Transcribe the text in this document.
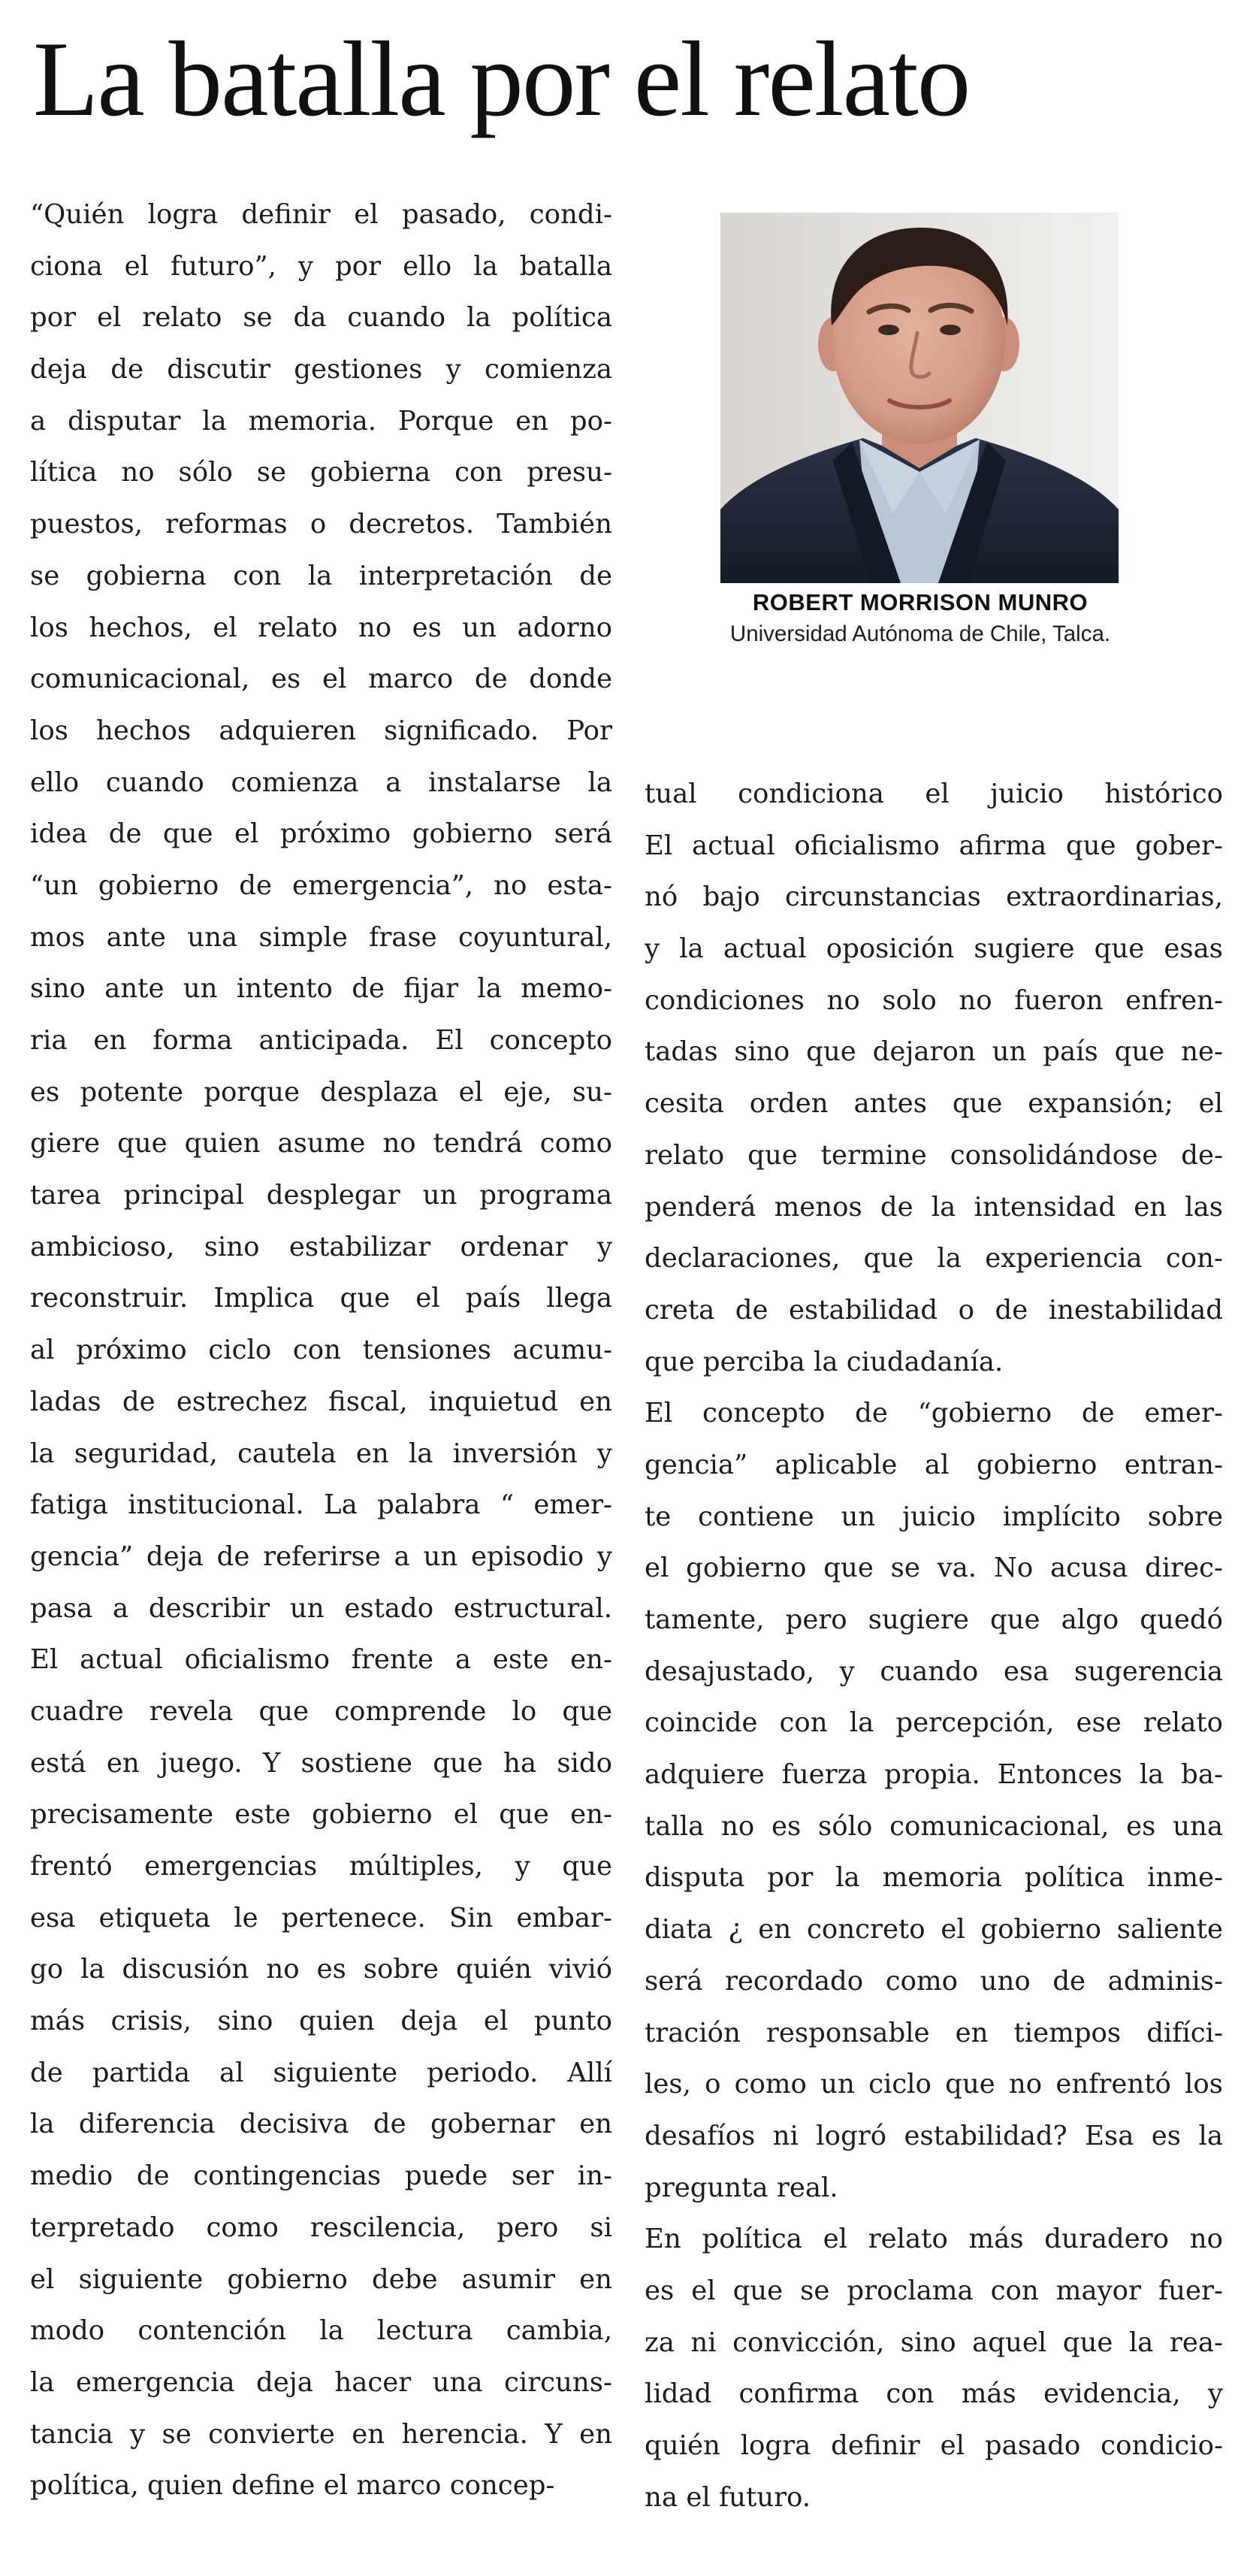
La batalla por el relato
“Quién logra definir el pasado, condi-
ciona el futuro”, y por ello la batalla
por el relato se da cuando la política
deja de discutir gestiones y comienza
a disputar la memoria. Porque en po-
lítica no sólo se gobierna con presu-
puestos, reformas o decretos. También
se gobierna con la interpretación de
los hechos, el relato no es un adorno
comunicacional, es el marco de donde
los hechos adquieren significado. Por
ello cuando comienza a instalarse la
idea de que el próximo gobierno será
“un gobierno de emergencia”, no esta-
mos ante una simple frase coyuntural,
sino ante un intento de fijar la memo-
ria en forma anticipada. El concepto
es potente porque desplaza el eje, su-
giere que quien asume no tendrá como
tarea principal desplegar un programa
ambicioso, sino estabilizar ordenar y
reconstruir. Implica que el país llega
al próximo ciclo con tensiones acumu-
ladas de estrechez fiscal, inquietud en
la seguridad, cautela en la inversión y
fatiga institucional. La palabra “ emer-
gencia” deja de referirse a un episodio y
pasa a describir un estado estructural.
El actual oficialismo frente a este en-
cuadre revela que comprende lo que
está en juego. Y sostiene que ha sido
precisamente este gobierno el que en-
frentó emergencias múltiples, y que
esa etiqueta le pertenece. Sin embar-
go la discusión no es sobre quién vivió
más crisis, sino quien deja el punto
de partida al siguiente periodo. Allí
la diferencia decisiva de gobernar en
medio de contingencias puede ser in-
terpretado como rescilencia, pero si
el siguiente gobierno debe asumir en
modo contención la lectura cambia,
la emergencia deja hacer una circuns-
tancia y se convierte en herencia. Y en
política, quien define el marco concep-
ROBERT MORRISON MUNRO
Universidad Autónoma de Chile, Talca.
tual condiciona el juicio histórico
El actual oficialismo afirma que gober-
nó bajo circunstancias extraordinarias,
y la actual oposición sugiere que esas
condiciones no solo no fueron enfren-
tadas sino que dejaron un país que ne-
cesita orden antes que expansión; el
relato que termine consolidándose de-
penderá menos de la intensidad en las
declaraciones, que la experiencia con-
creta de estabilidad o de inestabilidad
que perciba la ciudadanía.
El concepto de “gobierno de emer-
gencia” aplicable al gobierno entran-
te contiene un juicio implícito sobre
el gobierno que se va. No acusa direc-
tamente, pero sugiere que algo quedó
desajustado, y cuando esa sugerencia
coincide con la percepción, ese relato
adquiere fuerza propia. Entonces la ba-
talla no es sólo comunicacional, es una
disputa por la memoria política inme-
diata ¿ en concreto el gobierno saliente
será recordado como uno de adminis-
tración responsable en tiempos difíci-
les, o como un ciclo que no enfrentó los
desafíos ni logró estabilidad? Esa es la
pregunta real.
En política el relato más duradero no
es el que se proclama con mayor fuer-
za ni convicción, sino aquel que la rea-
lidad confirma con más evidencia, y
quién logra definir el pasado condicio-
na el futuro.
